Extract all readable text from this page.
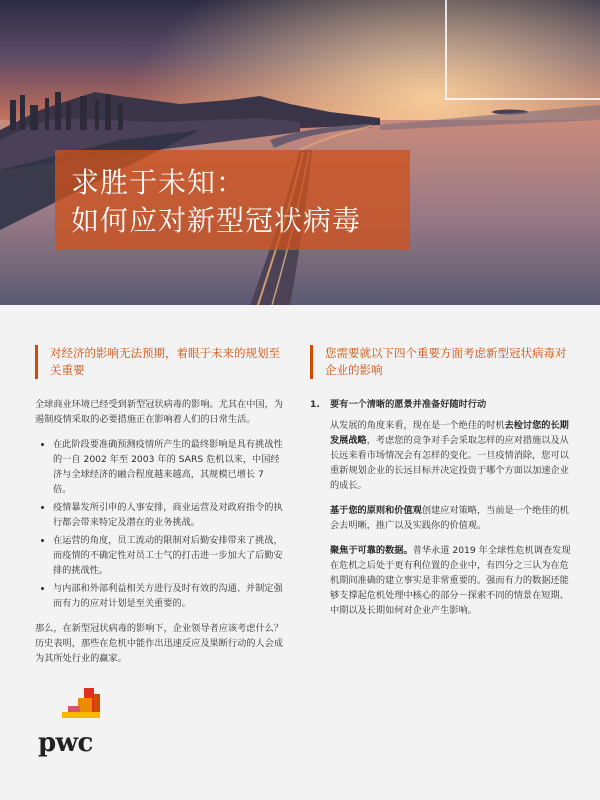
求胜于未知：
如何应对新型冠状病毒
对经济的影响无法预期，着眼于未来的规划至关重要

全球商业环境已经受到新型冠状病毒的影响。尤其在中国，为遏制疫情采取的必要措施正在影响着人们的日常生活。

• 在此阶段要准确预测疫情所产生的最终影响是具有挑战性的一自 2002 年至 2003 年的 SARS 危机以来，中国经济与全球经济的融合程度越来越高，其规模已增长 7 倍。
• 疫情暴发所引申的人事安排，商业运营及对政府指令的执行都会带来特定及潜在的业务挑战。
• 在运营的角度，员工流动的限制对后勤安排带来了挑战，而疫情的不确定性对员工士气的打击进一步加大了后勤安排的挑战性。
• 与内部和外部利益相关方进行及时有效的沟通、并制定强而有力的应对计划是至关重要的。

那么，在新型冠状病毒的影响下，企业领导者应该考虑什么？ 历史表明，那些在危机中能作出迅速反应及果断行动的人会成为其所处行业的赢家。

您需要就以下四个重要方面考虑新型冠状病毒对企业的影响
1.	要有一个清晰的愿景并准备好随时行动

从发展的角度来看，现在是一个绝佳的时机去检讨您的长期发展战略，考虑您的竞争对手会采取怎样的应对措施以及从长远来看市场情况会有怎样的变化。一旦疫情消除，您可以重新规划企业的长远目标并决定投资于哪个方面以加速企业的成长。

基于您的原则和价值观创建应对策略，当前是一个绝佳的机会去明晰，推广以及实践你的价值观。

聚焦于可靠的数据。普华永道 2019 年全球性危机调查发现在危机之后处于更有利位置的企业中，有四分之三认为在危机期间准确的建立事实是非常重要的。强而有力的数据还能够支撑起危机处理中核心的部分－探索不同的情景在短期、中期以及长期如何对企业产生影响。

pwc
